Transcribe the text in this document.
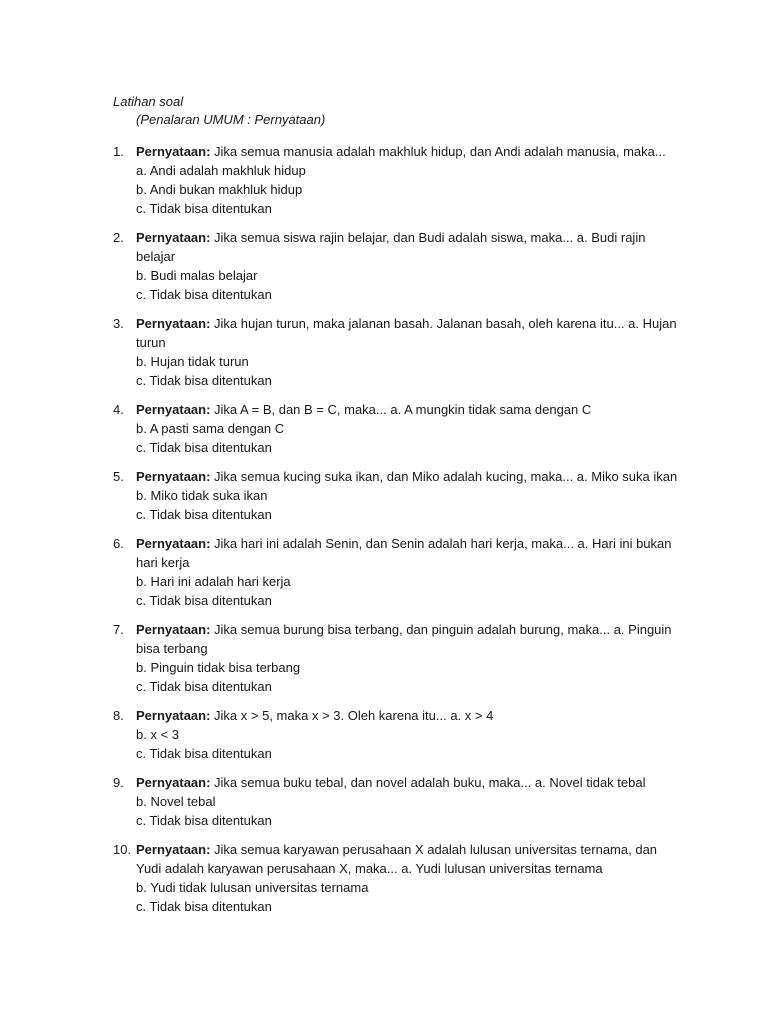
Latihan soal

(Penalaran UMUM : Pernyataan)

1. Pernyataan: Jika semua manusia adalah makhluk hidup, dan Andi adalah manusia, maka... a. Andi adalah makhluk hidup

b. Andi bukan makhluk hidup

c. Tidak bisa ditentukan

2. Pernyataan: Jika semua siswa rajin belajar, dan Budi adalah siswa, maka... a. Budi rajin belajar

b. Budi malas belajar

c. Tidak bisa ditentukan

3. Pernyataan: Jika hujan turun, maka jalanan basah. Jalanan basah, oleh karena itu... a. Hujan turun

b. Hujan tidak turun

c. Tidak bisa ditentukan

4. Pernyataan: Jika A = B, dan B = C, maka... a. A mungkin tidak sama dengan C

b. A pasti sama dengan C

c. Tidak bisa ditentukan

5. Pernyataan: Jika semua kucing suka ikan, dan Miko adalah kucing, maka... a. Miko suka ikan

b. Miko tidak suka ikan

c. Tidak bisa ditentukan

6. Pernyataan: Jika hari ini adalah Senin, dan Senin adalah hari kerja, maka... a. Hari ini bukan hari kerja

b. Hari ini adalah hari kerja

c. Tidak bisa ditentukan

7. Pernyataan: Jika semua burung bisa terbang, dan pinguin adalah burung, maka... a. Pinguin bisa terbang

b. Pinguin tidak bisa terbang

c. Tidak bisa ditentukan

8. Pernyataan: Jika x > 5, maka x > 3. Oleh karena itu... a. x > 4

b. x < 3

c. Tidak bisa ditentukan

9. Pernyataan: Jika semua buku tebal, dan novel adalah buku, maka... a. Novel tidak tebal

b. Novel tebal

c. Tidak bisa ditentukan

10. Pernyataan: Jika semua karyawan perusahaan X adalah lulusan universitas ternama, dan Yudi adalah karyawan perusahaan X, maka... a. Yudi lulusan universitas ternama

b. Yudi tidak lulusan universitas ternama

c. Tidak bisa ditentukan
